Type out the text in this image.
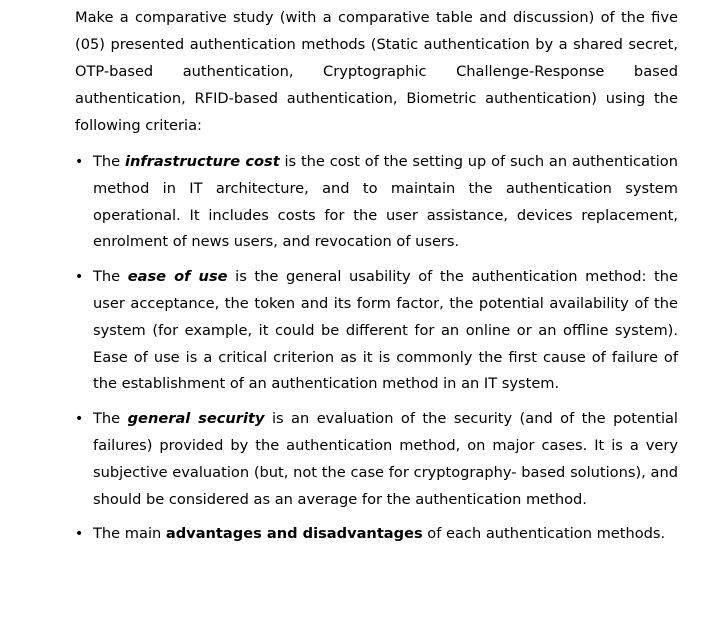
Make a comparative study (with a comparative table and discussion) of the five (05) presented authentication methods (Static authentication by a shared secret, OTP-based authentication, Cryptographic Challenge-Response based authentication, RFID-based authentication, Biometric authentication) using the following criteria:

• The infrastructure cost is the cost of the setting up of such an authentication method in IT architecture, and to maintain the authentication system operational. It includes costs for the user assistance, devices replacement, enrolment of news users, and revocation of users.
• The ease of use is the general usability of the authentication method: the user acceptance, the token and its form factor, the potential availability of the system (for example, it could be different for an online or an offline system). Ease of use is a critical criterion as it is commonly the first cause of failure of the establishment of an authentication method in an IT system.
• The general security is an evaluation of the security (and of the potential failures) provided by the authentication method, on major cases. It is a very subjective evaluation (but, not the case for cryptography- based solutions), and should be considered as an average for the authentication method.
• The main advantages and disadvantages of each authentication methods.
